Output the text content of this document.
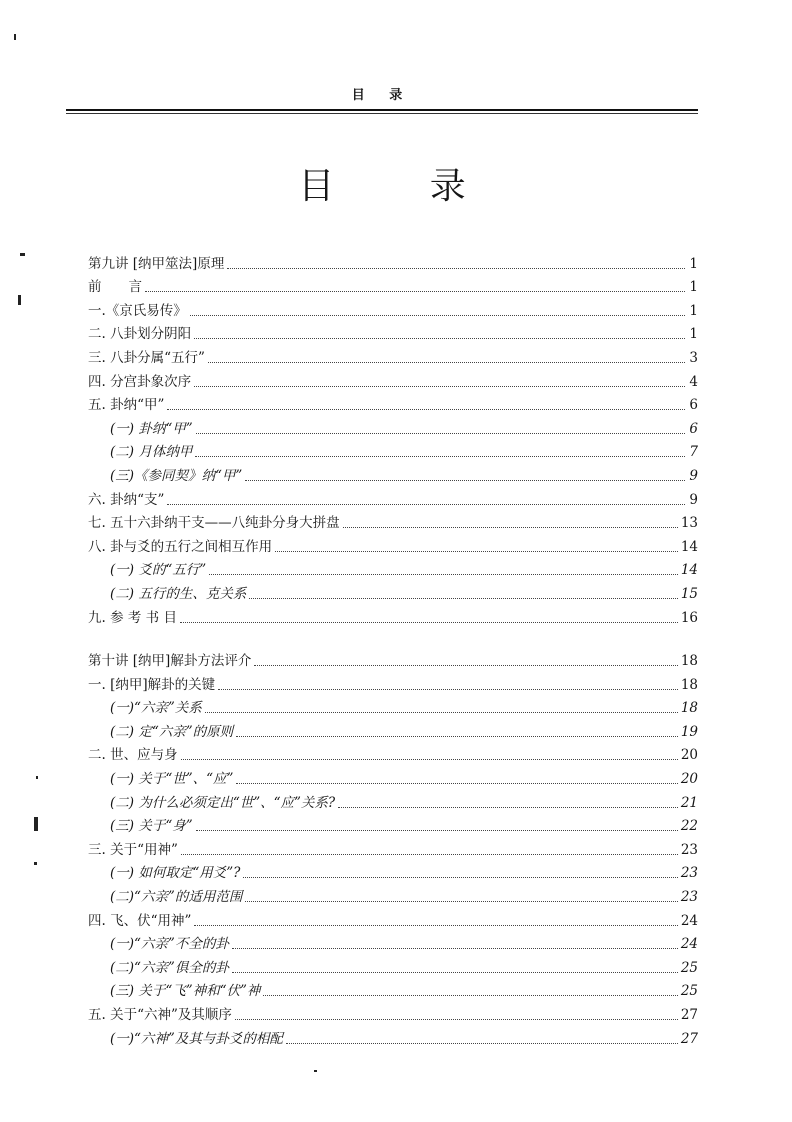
目 录
目 录
第九讲 [纳甲筮法]原理	1
前　　言	1
一.《京氏易传》	1
二. 八卦划分阴阳	1
三. 八卦分属“五行”	3
四. 分宫卦象次序	4
五. 卦纳“甲”	6
(一) 卦纳“甲”	6
(二) 月体纳甲	7
(三)《参同契》纳“甲”	9
六. 卦纳“支”	9
七. 五十六卦纳干支——八纯卦分身大拼盘	13
八. 卦与爻的五行之间相互作用	14
(一) 爻的“五行”	14
(二) 五行的生、克关系	15
九. 参 考 书 目	16
第十讲 [纳甲]解卦方法评介	18
一. [纳甲]解卦的关键	18
(一)“六亲”关系	18
(二) 定“六亲”的原则	19
二. 世、应与身	20
(一) 关于“世”、“应”	20
(二) 为什么必须定出“世”、“应”关系?	21
(三) 关于“身”	22
三. 关于“用神”	23
(一) 如何取定“用爻”?	23
(二)“六亲”的适用范围	23
四. 飞、伏“用神”	24
(一)“六亲”不全的卦	24
(二)“六亲”俱全的卦	25
(三) 关于“飞”神和“伏”神	25
五. 关于“六神”及其顺序	27
(一)“六神”及其与卦爻的相配	27
